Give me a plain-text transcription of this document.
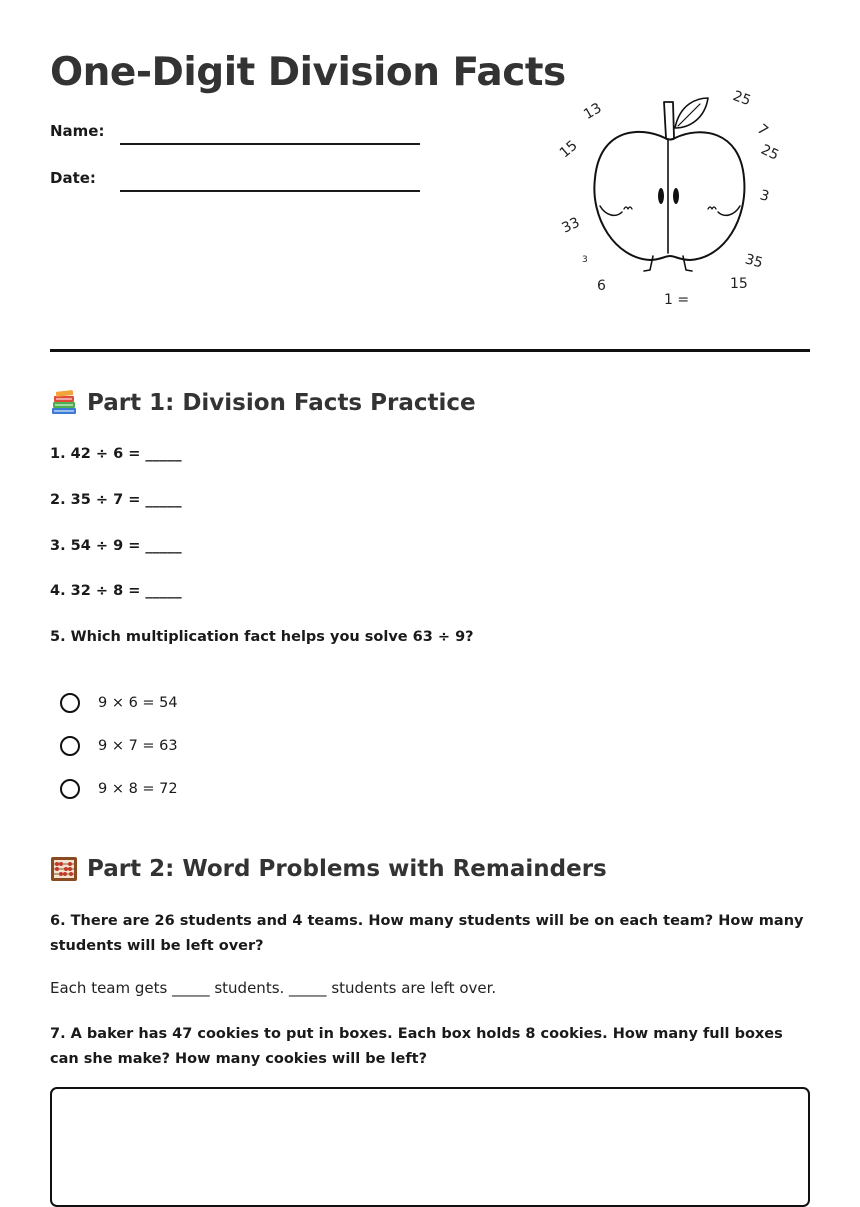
One-Digit Division Facts
Name:
Date:
13
25
15
7
25
3
33
3	35
6	15
1 =
Part 1: Division Facts Practice
1. 42 ÷ 6 = _____
2. 35 ÷ 7 = _____
3. 54 ÷ 9 = _____
4. 32 ÷ 8 = _____
5. Which multiplication fact helps you solve 63 ÷ 9?
9 × 6 = 54
9 × 7 = 63
9 × 8 = 72
Part 2: Word Problems with Remainders
6. There are 26 students and 4 teams. How many students will be on each team? How many students will be left over?
Each team gets _____ students. _____ students are left over.
7. A baker has 47 cookies to put in boxes. Each box holds 8 cookies. How many full boxes can she make? How many cookies will be left?
